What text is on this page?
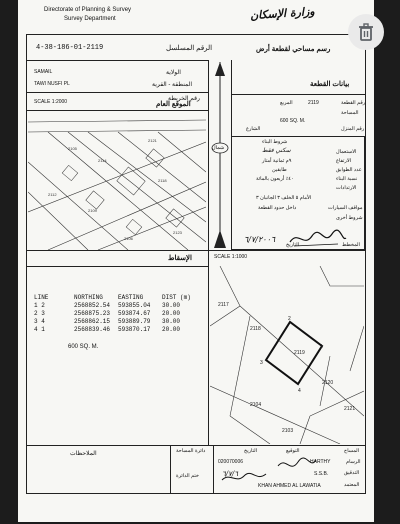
Directorate of Planning & Survey
Survey Department	وزارة الإسكان
4-38-186-01-2119	الرقم المسلسل	رسم مساحي لقطعة أرض
SAMAIL
TAWI NUSFI PL
الولاية
المنطقة - القرية
رقم الخريطة
شمال
SCALE 1:2000	الموقع العام
2105
2114
2121
2109
2118
2123
2106
2112
بيانات القطعة
رقم القطعة
2119
المربع
المساحة
600 SQ. M.
رقم المنزل
الشارع
شروط البناء
الاستعمال
سكني فقط
الارتفاع
٩م ثمانية أمتار
عدد الطوابق
طابقين
نسبة البناء
٤٠٪ أربعون بالمائة
الارتدادات
الأمام ٥ الخلف ٣ الجانبان ٣
مواقف السيارات
داخل حدود القطعة
شروط أخرى
المخطط
التاريخ
٦/٧/٢٠٠٦
الإسقاط	SCALE 1:1000
LINE	NORTHING	EASTING	DIST (m)
1 2	2568852.54 593855.04 30.00
2 3	2568875.23 593874.67 20.00
3 4	2568862.15 593889.79 30.00
4 1	2568839.46 593870.17 20.00
600 SQ. M.
2117
2118
2119
2120
2104
2121
2103
1
2
3
4
الملاحظات	دائرة المساحة
ختم الدائرة
التوقيع	المساح
الرسام
التدقيق
المعتمد
020070006	HARTHY
S.S.B.
KHAN AHMED AL LAWATIA
التاريخ
٦/٧/٦
